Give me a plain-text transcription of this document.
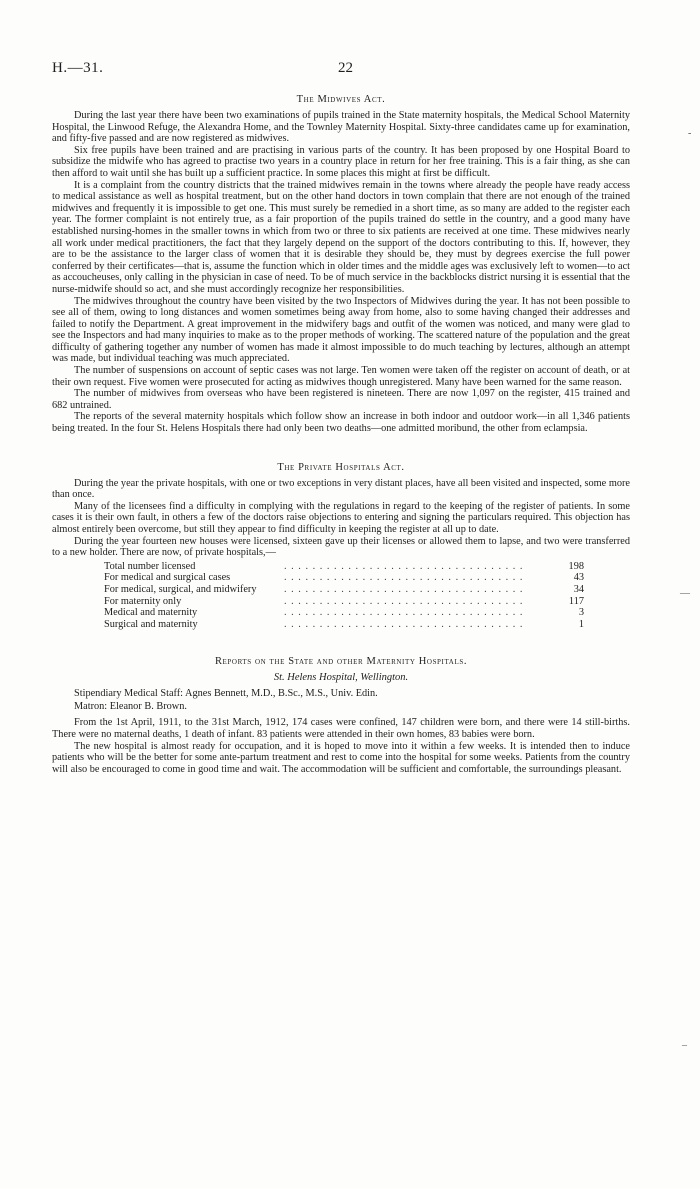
H.—31.	22
The Midwives Act.

During the last year there have been two examinations of pupils trained in the State maternity hospitals, the Medical School Maternity Hospital, the Linwood Refuge, the Alexandra Home, and the Townley Maternity Hospital. Sixty-three candidates came up for examination, and fifty-five passed and are now registered as midwives.

Six free pupils have been trained and are practising in various parts of the country. It has been proposed by one Hospital Board to subsidize the midwife who has agreed to practise two years in a country place in return for her free training. This is a fair thing, as she can then afford to wait until she has built up a sufficient practice. In some places this might at first be difficult.

It is a complaint from the country districts that the trained midwives remain in the towns where already the people have ready access to medical assistance as well as hospital treatment, but on the other hand doctors in town complain that there are not enough of the trained midwives and frequently it is impossible to get one. This must surely be remedied in a short time, as so many are added to the register each year. The former complaint is not entirely true, as a fair proportion of the pupils trained do settle in the country, and a good many have established nursing-homes in the smaller towns in which from two or three to six patients are received at one time. These midwives nearly all work under medical practitioners, the fact that they largely depend on the support of the doctors contributing to this. If, however, they are to be the assistance to the larger class of women that it is desirable they should be, they must by degrees exercise the full power conferred by their certificates—that is, assume the function which in older times and the middle ages was exclusively left to women—to act as accoucheuses, only calling in the physician in case of need. To be of much service in the backblocks district nursing it is essential that the nurse-midwife should so act, and she must accordingly recognize her responsibilities.

The midwives throughout the country have been visited by the two Inspectors of Midwives during the year. It has not been possible to see all of them, owing to long distances and women sometimes being away from home, also to some having changed their addresses and failed to notify the Department. A great improvement in the midwifery bags and outfit of the women was noticed, and many were glad to see the Inspectors and had many inquiries to make as to the proper methods of working. The scattered nature of the population and the great difficulty of gathering together any number of women has made it almost impossible to do much teaching by lectures, although an attempt was made, but individual teaching was much appreciated.

The number of suspensions on account of septic cases was not large. Ten women were taken off the register on account of death, or at their own request. Five women were prosecuted for acting as midwives though unregistered. Many have been warned for the same reason.

The number of midwives from overseas who have been registered is nineteen. There are now 1,097 on the register, 415 trained and 682 untrained.

The reports of the several maternity hospitals which follow show an increase in both indoor and outdoor work—in all 1,346 patients being treated. In the four St. Helens Hospitals there had only been two deaths—one admitted moribund, the other from eclampsia.

The Private Hospitals Act.

During the year the private hospitals, with one or two exceptions in very distant places, have all been visited and inspected, some more than once.

Many of the licensees find a difficulty in complying with the regulations in regard to the keeping of the register of patients. In some cases it is their own fault, in others a few of the doctors raise objections to entering and signing the particulars required. This objection has almost entirely been overcome, but still they appear to find difficulty in keeping the register at all up to date.

During the year fourteen new houses were licensed, sixteen gave up their licenses or allowed them to lapse, and two were transferred to a new holder. There are now, of private hospitals,—

Total number licensed	. . . . . . . . . . . . . . . . . . . . . . . . . . . . . . . . . .	198
For medical and surgical cases	. . . . . . . . . . . . . . . . . . . . . . . . . . . . . . . . . .	43
For medical, surgical, and midwifery	. . . . . . . . . . . . . . . . . . . . . . . . . . . . . . . . . .	34
For maternity only	. . . . . . . . . . . . . . . . . . . . . . . . . . . . . . . . . .	117
Medical and maternity	. . . . . . . . . . . . . . . . . . . . . . . . . . . . . . . . . .	3
Surgical and maternity	. . . . . . . . . . . . . . . . . . . . . . . . . . . . . . . . . .	1
Reports on the State and other Maternity Hospitals.
St. Helens Hospital, Wellington.
Stipendiary Medical Staff: Agnes Bennett, M.D., B.Sc., M.S., Univ. Edin.
Matron: Eleanor B. Brown.

From the 1st April, 1911, to the 31st March, 1912, 174 cases were confined, 147 children were born, and there were 14 still-births. There were no maternal deaths, 1 death of infant. 83 patients were attended in their own homes, 83 babies were born.

The new hospital is almost ready for occupation, and it is hoped to move into it within a few weeks. It is intended then to induce patients who will be the better for some ante-partum treatment and rest to come into the hospital for some weeks. Patients from the country will also be encouraged to come in good time and wait. The accommodation will be sufficient and comfortable, the surroundings pleasant.

-
—
–
